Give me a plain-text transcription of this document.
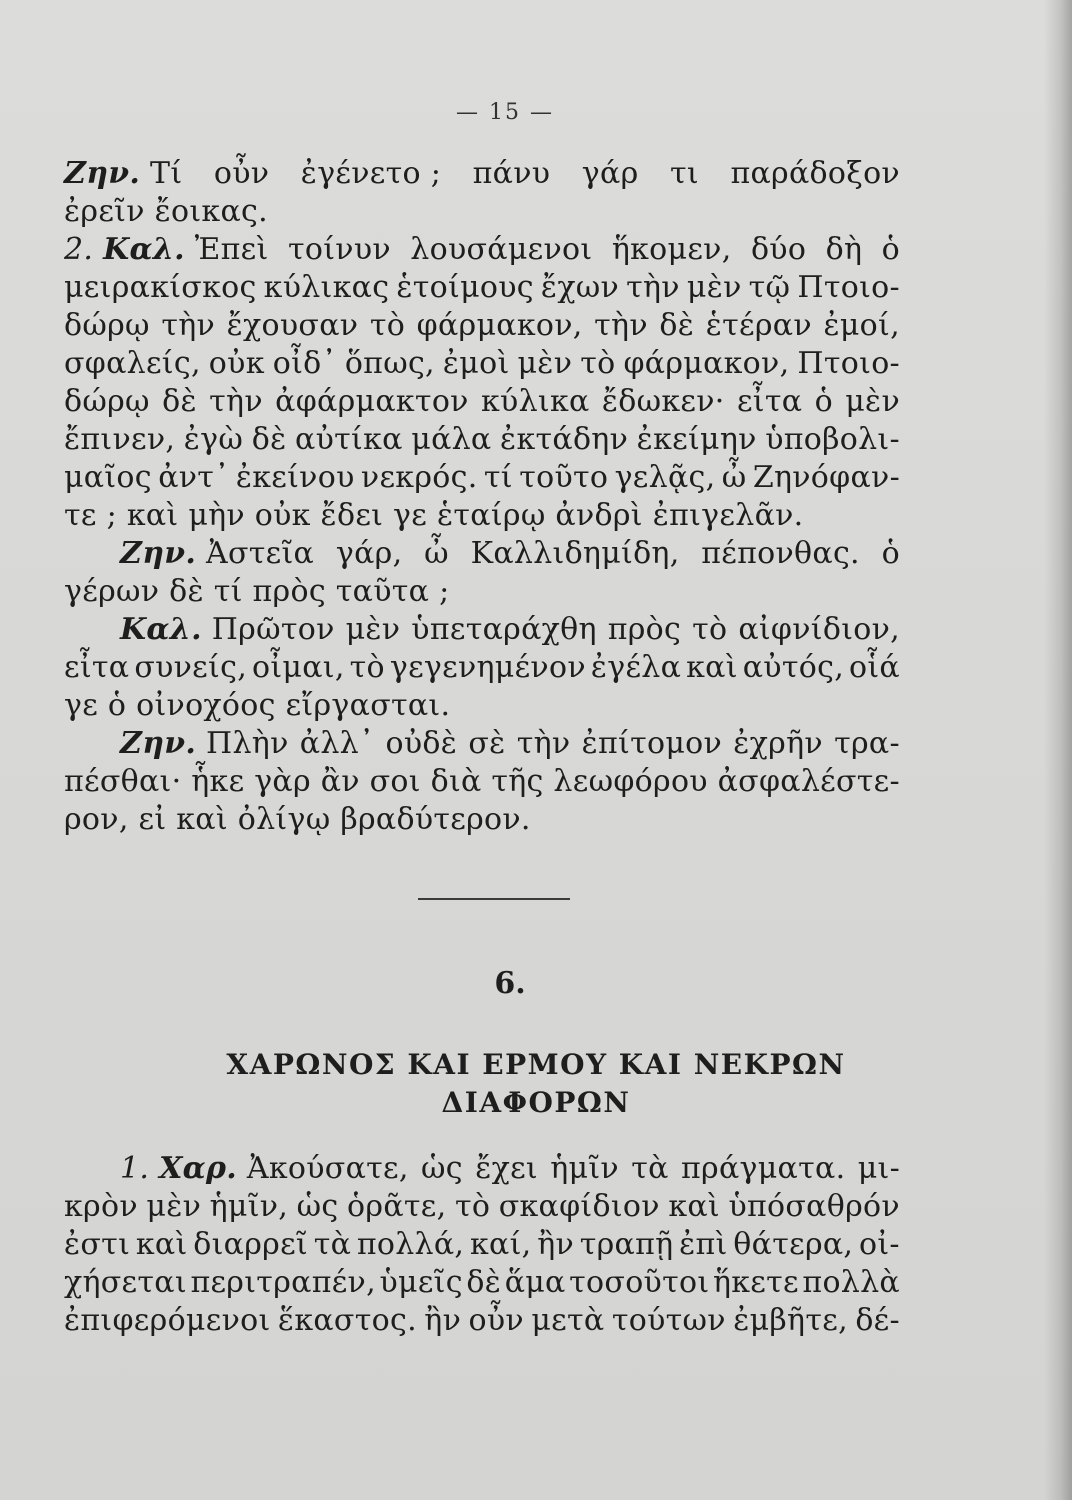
— 15 —
Ζην. Τί οὖν ἐγένετο ; πάνυ γάρ τι παράδοξον
ἐρεῖν ἔοικας.
2. Καλ. Ἐπεὶ τοίνυν λουσάμενοι ἥκομεν, δύο δὴ ὁ
μειρακίσκος κύλικας ἑτοίμους ἔχων τὴν μὲν τῷ Πτοιο-
δώρῳ τὴν ἔχουσαν τὸ φάρμακον, τὴν δὲ ἑτέραν ἐμοί,
σφαλείς, οὐκ οἶδ᾽ ὅπως, ἐμοὶ μὲν τὸ φάρμακον, Πτοιο-
δώρῳ δὲ τὴν ἀφάρμακτον κύλικα ἔδωκεν· εἶτα ὁ μὲν
ἔπινεν, ἐγὼ δὲ αὐτίκα μάλα ἐκτάδην ἐκείμην ὑποβολι-
μαῖος ἀντ᾽ ἐκείνου νεκρός. τί τοῦτο γελᾷς, ὦ Ζηνόφαν-
τε ; καὶ μὴν οὐκ ἔδει γε ἑταίρῳ ἀνδρὶ ἐπιγελᾶν.
Ζην. Ἀστεῖα γάρ, ὦ Καλλιδημίδη, πέπονθας. ὁ
γέρων δὲ τί πρὸς ταῦτα ;
Καλ. Πρῶτον μὲν ὑπεταράχθη πρὸς τὸ αἰφνίδιον,
εἶτα συνείς, οἶμαι, τὸ γεγενημένον ἐγέλα καὶ αὐτός, οἷά
γε ὁ οἰνοχόος εἴργασται.
Ζην. Πλὴν ἀλλ᾽ οὐδὲ σὲ τὴν ἐπίτομον ἐχρῆν τρα-
πέσθαι· ἧκε γὰρ ἂν σοι διὰ τῆς λεωφόρου ἀσφαλέστε-
ρον, εἰ καὶ ὀλίγῳ βραδύτερον.
6.
ΧΑΡΩΝΟΣ ΚΑΙ ΕΡΜΟΥ ΚΑΙ ΝΕΚΡΩΝ
ΔΙΑΦΟΡΩΝ
1. Χαρ. Ἀκούσατε, ὡς ἔχει ἡμῖν τὰ πράγματα. μι-
κρὸν μὲν ἡμῖν, ὡς ὁρᾶτε, τὸ σκαφίδιον καὶ ὑπόσαθρόν
ἐστι καὶ διαρρεῖ τὰ πολλά, καί, ἢν τραπῇ ἐπὶ θάτερα, οἰ-
χήσεται περιτραπέν, ὑμεῖς δὲ ἅμα τοσοῦτοι ἥκετε πολλὰ
ἐπιφερόμενοι ἕκαστος. ἢν οὖν μετὰ τούτων ἐμβῆτε, δέ-
